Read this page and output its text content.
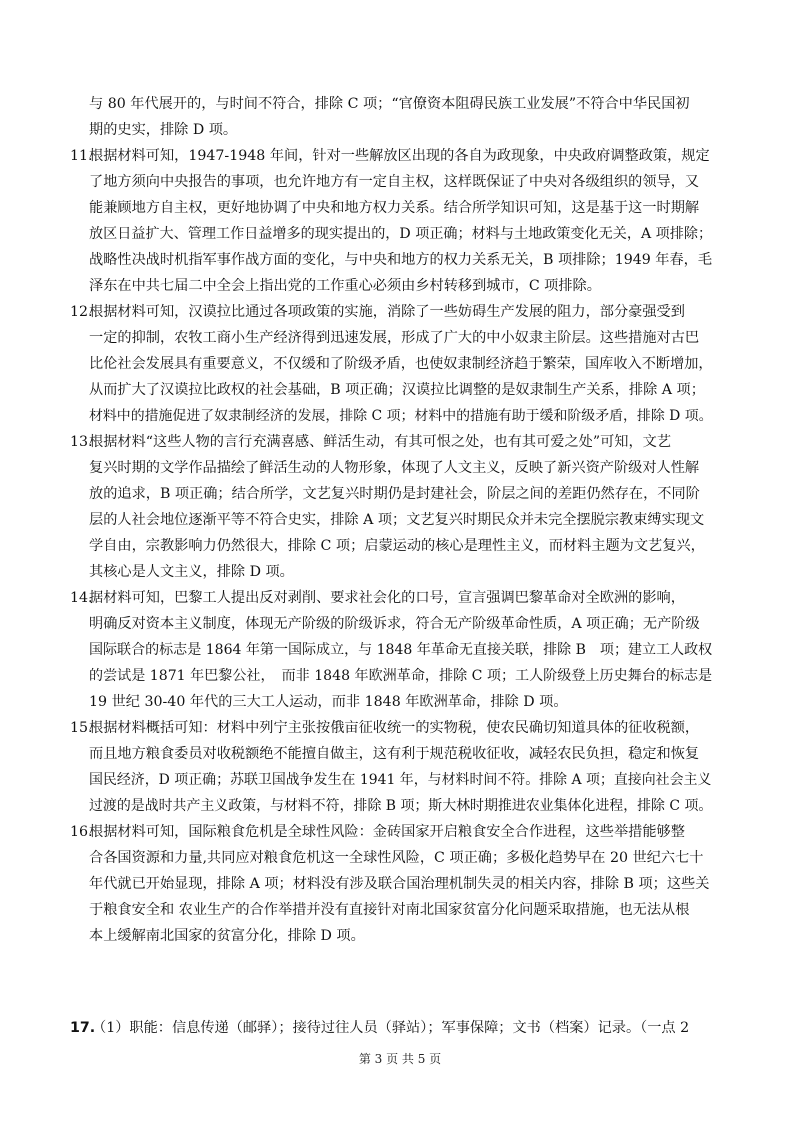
与 80 年代展开的，与时间不符合，排除 C 项；“官僚资本阻碍民族工业发展”不符合中华民国初
期的史实，排除 D 项。
11.
根据材料可知，1947-1948 年间，针对一些解放区出现的各自为政现象，中央政府调整政策，规定
了地方须向中央报告的事项，也允许地方有一定自主权，这样既保证了中央对各级组织的领导，又
能兼顾地方自主权，更好地协调了中央和地方权力关系。结合所学知识可知，这是基于这一时期解
放区日益扩大、管理工作日益增多的现实提出的，D 项正确；材料与土地政策变化无关，A 项排除；
战略性决战时机指军事作战方面的变化，与中央和地方的权力关系无关，B 项排除；1949 年春，毛
泽东在中共七届二中全会上指出党的工作重心必须由乡村转移到城市，C 项排除。
12.
根据材料可知，汉谟拉比通过各项政策的实施，消除了一些妨碍生产发展的阻力，部分豪强受到
一定的抑制，农牧工商小生产经济得到迅速发展，形成了广大的中小奴隶主阶层。这些措施对古巴
比伦社会发展具有重要意义，不仅缓和了阶级矛盾，也使奴隶制经济趋于繁荣，国库收入不断增加，
从而扩大了汉谟拉比政权的社会基础，B 项正确；汉谟拉比调整的是奴隶制生产关系，排除 A 项；
材料中的措施促进了奴隶制经济的发展，排除 C 项；材料中的措施有助于缓和阶级矛盾，排除 D 项。
13.
根据材料“这些人物的言行充满喜感、鲜活生动，有其可恨之处，也有其可爱之处”可知，文艺
复兴时期的文学作品描绘了鲜活生动的人物形象，体现了人文主义，反映了新兴资产阶级对人性解
放的追求，B 项正确；结合所学，文艺复兴时期仍是封建社会，阶层之间的差距仍然存在，不同阶
层的人社会地位逐渐平等不符合史实，排除 A 项；文艺复兴时期民众并未完全摆脱宗教束缚实现文
学自由，宗教影响力仍然很大，排除 C 项；启蒙运动的核心是理性主义，而材料主题为文艺复兴，
其核心是人文主义，排除 D 项。
14.
据材料可知，巴黎工人提出反对剥削、要求社会化的口号，宣言强调巴黎革命对全欧洲的影响，
明确反对资本主义制度，体现无产阶级的阶级诉求，符合无产阶级革命性质，A 项正确；无产阶级
国际联合的标志是 1864 年第一国际成立，与 1848 年革命无直接关联，排除 B　项；建立工人政权
的尝试是 1871 年巴黎公社，　而非 1848 年欧洲革命，排除 C 项；工人阶级登上历史舞台的标志是
19 世纪 30-40 年代的三大工人运动，而非 1848 年欧洲革命，排除 D 项。
15.
根据材料概括可知：材料中列宁主张按俄亩征收统一的实物税，使农民确切知道具体的征收税额，
而且地方粮食委员对收税额绝不能擅自做主，这有利于规范税收征收，减轻农民负担，稳定和恢复
国民经济，D 项正确；苏联卫国战争发生在 1941 年，与材料时间不符。排除 A 项；直接向社会主义
过渡的是战时共产主义政策，与材料不符，排除 B 项；斯大林时期推进农业集体化进程，排除 C 项。
16.
根据材料可知，国际粮食危机是全球性风险：金砖国家开启粮食安全合作进程，这些举措能够整
合各国资源和力量,共同应对粮食危机这一全球性风险，C 项正确；多极化趋势早在 20 世纪六七十
年代就已开始显现，排除 A 项；材料没有涉及联合国治理机制失灵的相关内容，排除 B 项；这些关
于粮食安全和 农业生产的合作举措并没有直接针对南北国家贫富分化问题采取措施，也无法从根
本上缓解南北国家的贫富分化，排除 D 项。
17.
（1）职能：信息传递（邮驿）；接待过往人员（驿站）；军事保障；文书（档案）记录。（一点 2
第 3 页 共 5 页
